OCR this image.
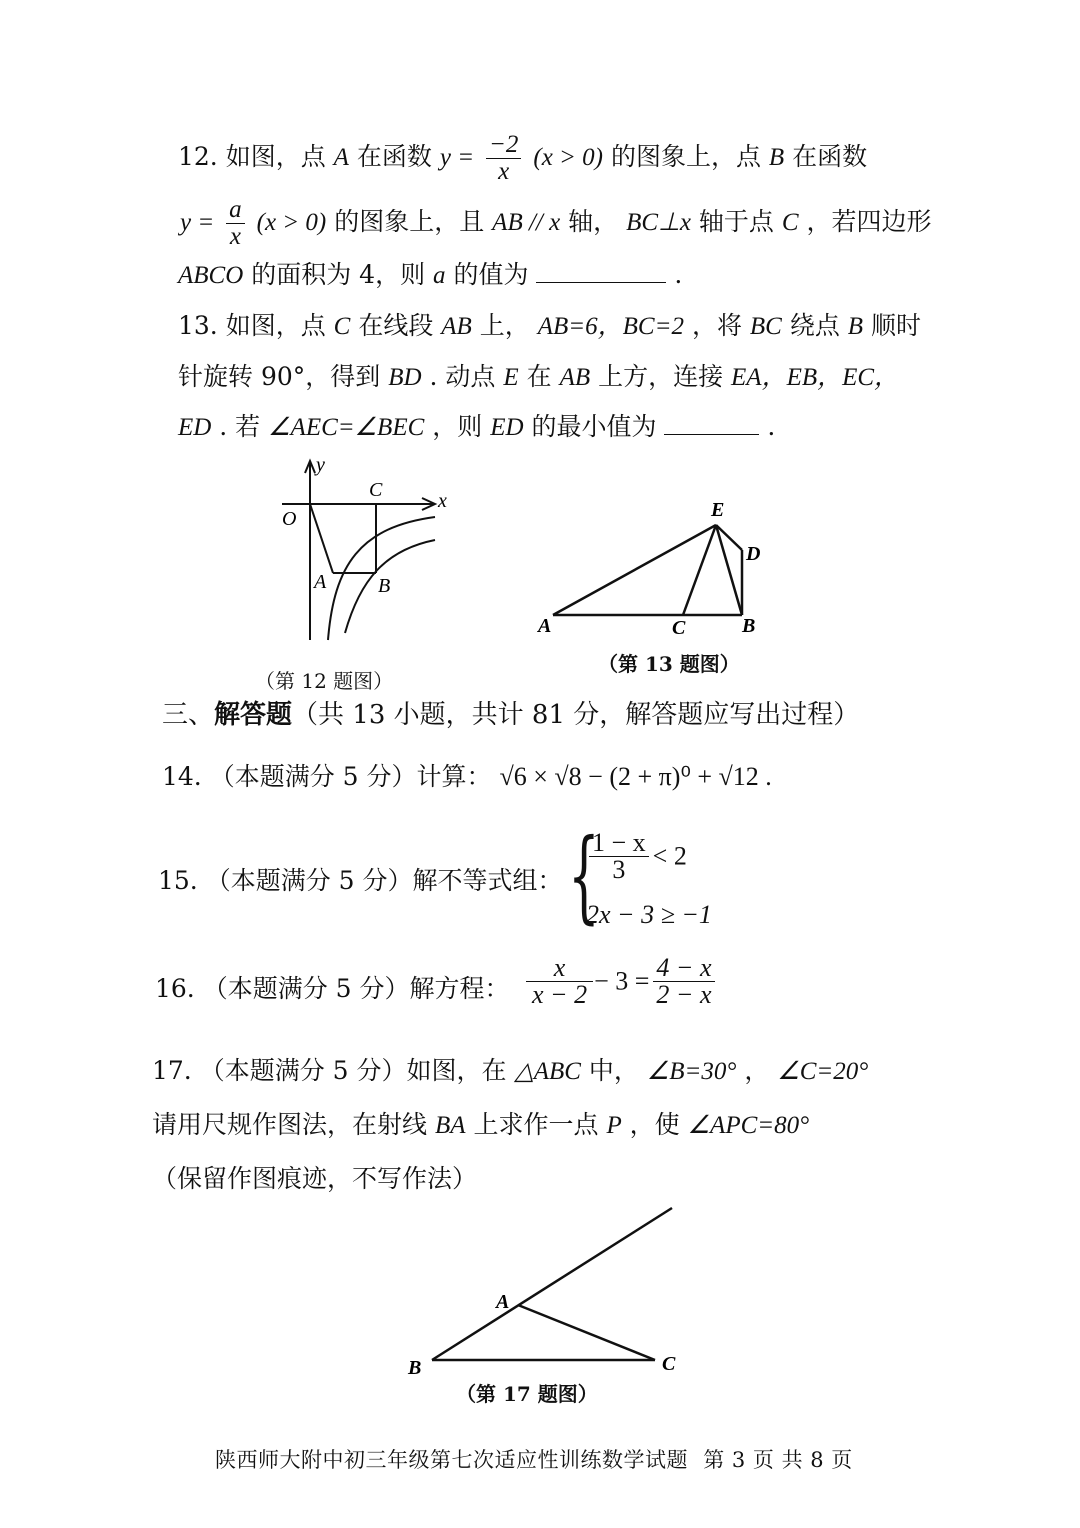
12. 如图，点 A 在函数 $y = \frac{-2}{x} (x > 0)$ 的图象上，点 B 在函数
$y = \frac{a}{x} (x > 0)$ 的图象上，且 AB // x 轴， BC⊥x 轴于点 C ，若四边形
ABCO 的面积为 4，则 a 的值为	.
13. 如图，点 C 在线段 AB 上， AB=6，BC=2 ，将 BC 绕点 B 顺时
针旋转 90°，得到 BD . 动点 E 在 AB 上方，连接 EA，EB，EC，
ED . 若 ∠AEC=∠BEC ，则 ED 的最小值为	.
y
x
O
C
A	B
（第 12 题图）
E
D
A	C	B
（第 13 题图）
三、解答题（共 13 小题，共计 81 分，解答题应写出过程）
14. （本题满分 5 分）计算： √6 × √8 − (2 + π)⁰ + √12 .
15. （本题满分 5 分）解不等式组： {
$\frac{1 - x}{3} < 2$
2x − 3 ≥ −1
16. （本题满分 5 分）解方程： $\frac{x}{x - 2} - 3 = \frac{4 - x}{2 - x}$
17. （本题满分 5 分）如图，在 △ABC 中， ∠B=30° ， ∠C=20°
请用尺规作图法，在射线 BA 上求作一点 P ，使 ∠APC=80°
（保留作图痕迹，不写作法）
A
B	C
（第 17 题图）
陕西师大附中初三年级第七次适应性训练数学试题 第 3 页 共 8 页
